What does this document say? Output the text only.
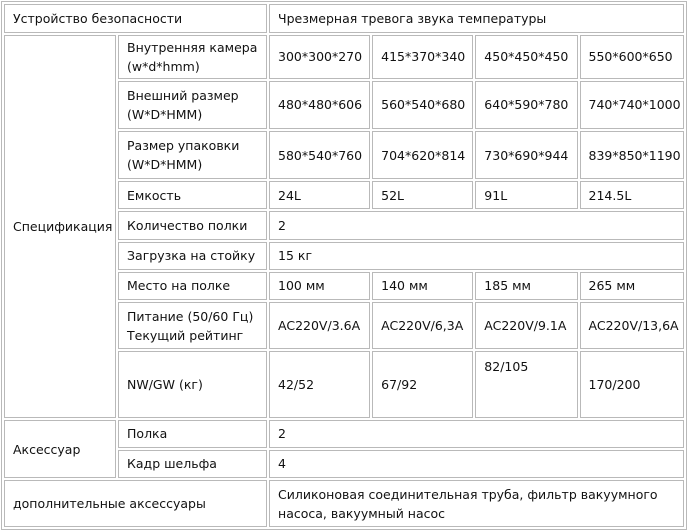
Устройство безопасности		Чрезмерная тревога звука температуры			
Спецификация	Внутренняя камера (w*d*hmm)	300*300*270	415*370*340	450*450*450	550*600*650
	Внешний размер (W*D*HMM)	480*480*606	560*540*680	640*590*780	740*740*1000
	Размер упаковки (W*D*HMM)	580*540*760	704*620*814	730*690*944	839*850*1190
	Емкость	24L	52L	91L	214.5L
	Количество полки	2			
	Загрузка на стойку	15 кг			
	Место на полке	100 мм	140 мм	185 мм	265 мм
	Питание (50/60 Гц) Текущий рейтинг	AC220V/3.6A	AC220V/6,3A	AC220V/9.1A	AC220V/13,6A
	NW/GW (кг)	42/52	67/92	82/105	170/200
Аксессуар	Полка	2			
	Кадр шельфа	4			
дополнительные аксессуары		Силиконовая соединительная труба, фильтр вакуумного насоса, вакуумный насос			
